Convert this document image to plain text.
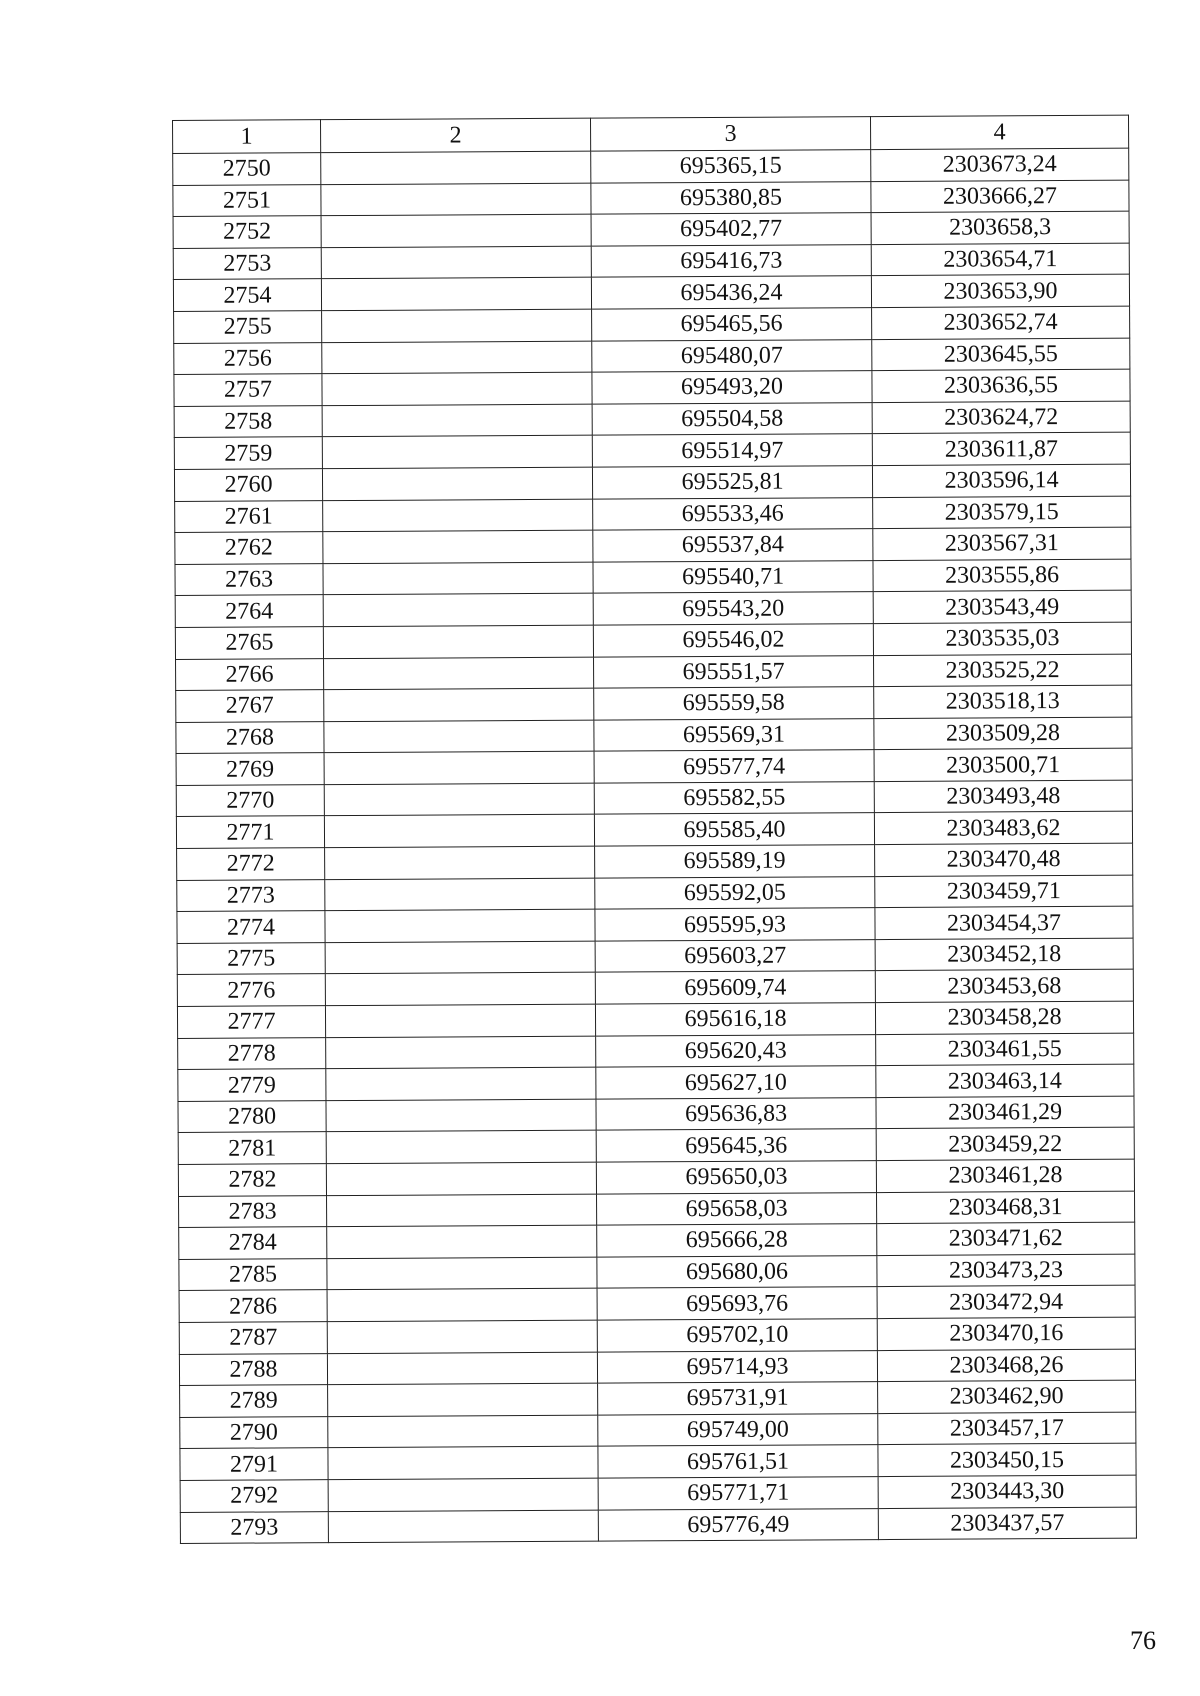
1	2	3	4
2750		695365,15	2303673,24
2751		695380,85	2303666,27
2752		695402,77	2303658,3
2753		695416,73	2303654,71
2754		695436,24	2303653,90
2755		695465,56	2303652,74
2756		695480,07	2303645,55
2757		695493,20	2303636,55
2758		695504,58	2303624,72
2759		695514,97	2303611,87
2760		695525,81	2303596,14
2761		695533,46	2303579,15
2762		695537,84	2303567,31
2763		695540,71	2303555,86
2764		695543,20	2303543,49
2765		695546,02	2303535,03
2766		695551,57	2303525,22
2767		695559,58	2303518,13
2768		695569,31	2303509,28
2769		695577,74	2303500,71
2770		695582,55	2303493,48
2771		695585,40	2303483,62
2772		695589,19	2303470,48
2773		695592,05	2303459,71
2774		695595,93	2303454,37
2775		695603,27	2303452,18
2776		695609,74	2303453,68
2777		695616,18	2303458,28
2778		695620,43	2303461,55
2779		695627,10	2303463,14
2780		695636,83	2303461,29
2781		695645,36	2303459,22
2782		695650,03	2303461,28
2783		695658,03	2303468,31
2784		695666,28	2303471,62
2785		695680,06	2303473,23
2786		695693,76	2303472,94
2787		695702,10	2303470,16
2788		695714,93	2303468,26
2789		695731,91	2303462,90
2790		695749,00	2303457,17
2791		695761,51	2303450,15
2792		695771,71	2303443,30
2793		695776,49	2303437,57
76
